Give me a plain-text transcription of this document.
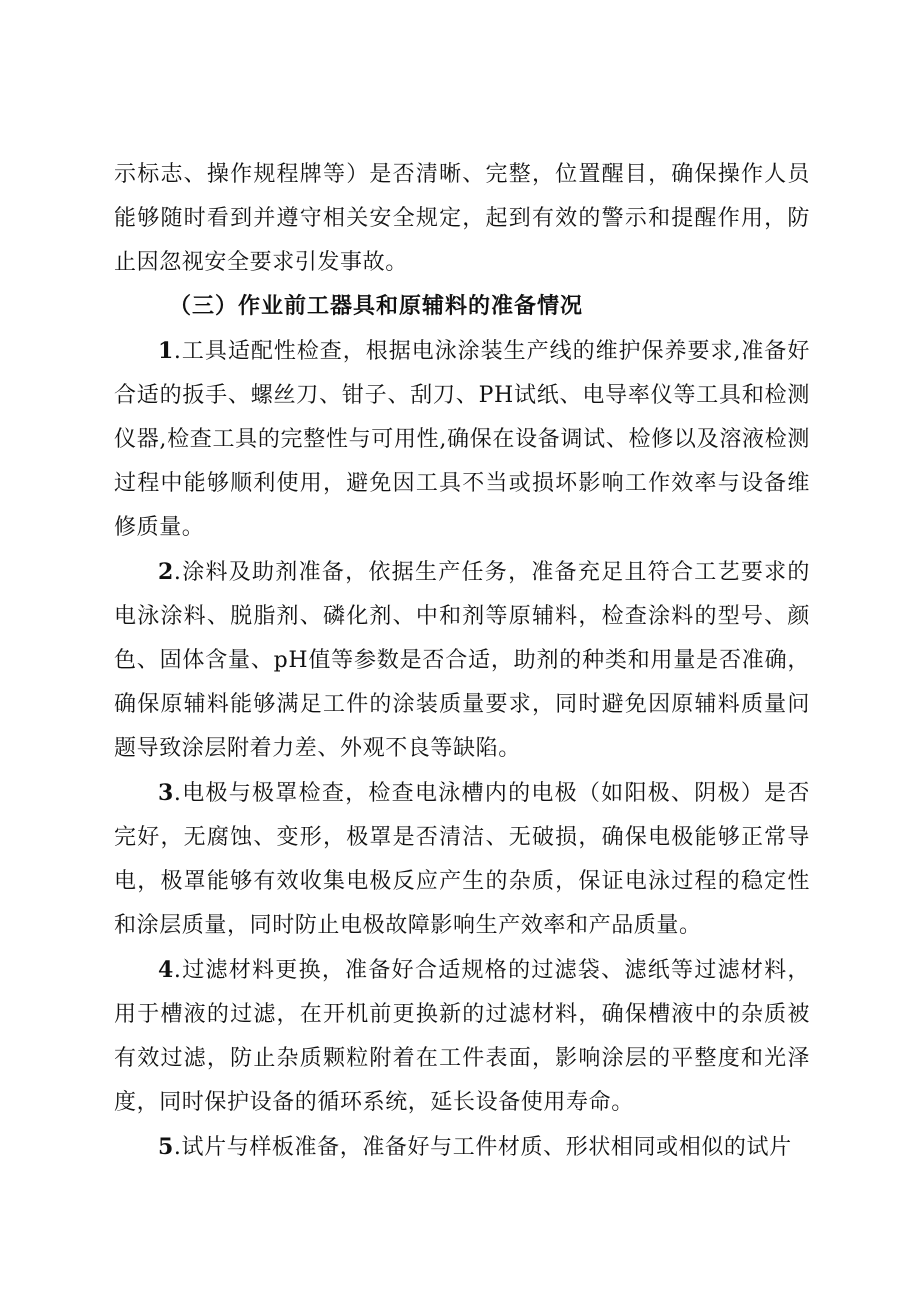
示标志、操作规程牌等）是否清晰、完整，位置醒目，确保操作人员能够随时看到并遵守相关安全规定，起到有效的警示和提醒作用，防止因忽视安全要求引发事故。

（三）作业前工器具和原辅料的准备情况

1.工具适配性检查，根据电泳涂装生产线的维护保养要求,准备好合适的扳手、螺丝刀、钳子、刮刀、PH试纸、电导率仪等工具和检测仪器,检查工具的完整性与可用性,确保在设备调试、检修以及溶液检测过程中能够顺利使用，避免因工具不当或损坏影响工作效率与设备维修质量。

2.涂料及助剂准备，依据生产任务，准备充足且符合工艺要求的电泳涂料、脱脂剂、磷化剂、中和剂等原辅料，检查涂料的型号、颜色、固体含量、pH值等参数是否合适，助剂的种类和用量是否准确，确保原辅料能够满足工件的涂装质量要求，同时避免因原辅料质量问题导致涂层附着力差、外观不良等缺陷。

3.电极与极罩检查，检查电泳槽内的电极（如阳极、阴极）是否完好，无腐蚀、变形，极罩是否清洁、无破损，确保电极能够正常导电，极罩能够有效收集电极反应产生的杂质，保证电泳过程的稳定性和涂层质量，同时防止电极故障影响生产效率和产品质量。

4.过滤材料更换，准备好合适规格的过滤袋、滤纸等过滤材料，用于槽液的过滤，在开机前更换新的过滤材料，确保槽液中的杂质被有效过滤，防止杂质颗粒附着在工件表面，影响涂层的平整度和光泽度，同时保护设备的循环系统，延长设备使用寿命。

5.试片与样板准备，准备好与工件材质、形状相同或相似的试片
